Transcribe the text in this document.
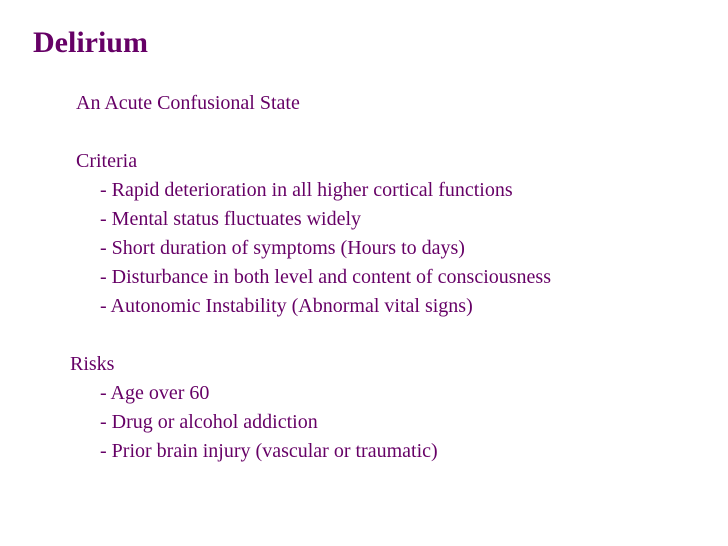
Delirium
An Acute Confusional State
Criteria
- Rapid deterioration in all higher cortical functions
- Mental status fluctuates widely
- Short duration of symptoms (Hours to days)
- Disturbance in both level and content of consciousness
- Autonomic Instability (Abnormal vital signs)
Risks
- Age over 60
- Drug or alcohol addiction
- Prior brain injury (vascular or traumatic)
